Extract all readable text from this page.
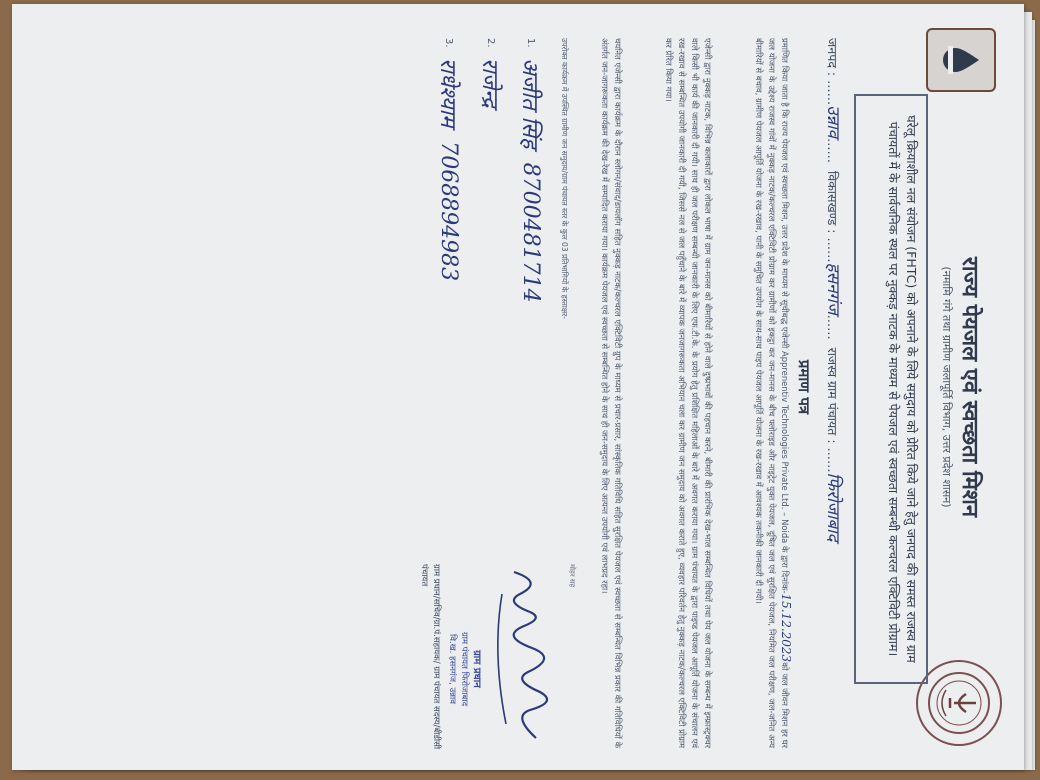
राज्य पेयजल एवं स्वच्छता मिशन
(नमामि गंगे तथा ग्रामीण जलापूर्ति विभाग, उत्तर प्रदेश शासन)
घरेलू क्रियाशील नल संयोजन (FHTC) को अपनाने के लिये समुदाय को प्रेरित किये जाने हेतु जनपद की समस्त राजस्व ग्राम पंचायतों में के सार्वजनिक स्थल पर नुक्कड़ नाटक के माध्यम से पेयजल एवं स्वच्छता सम्बन्धी कल्चरल एक्टिविटी प्रोग्राम।
जनपद : ……उन्नाव……  विकासखण्ड : ……हसनगंज……  राजस्व ग्राम पंचायत : ……फिरोजाबाद
प्रमाण पत्र
प्रमाणित किया जाता है कि राज्य पेयजल एवं स्वच्छता मिशन, उत्तर प्रदेश के माध्यम से सूचीबद्ध एजेन्सी Apprenentiv Technologies Private Ltd. – Noida के द्वारा दिनांक-15.12.2023को जल जीवन मिशन हर घर जल योजना के उद्देश्य राजस्व गांवों में नुक्कड़ नाटक/कल्चरल एक्टिविटी प्रोग्राम कर ग्रामीणों को इकट्ठा कर जन-मानस के बीच फ्लोराइड और नाइट्रेट युक्त पेयजल, दूषित जल एवं सुरक्षित पेयजल, नियमित जल परीक्षण, जल-जनित अन्य बीमारियों से बचाव, ग्रामीण पेयजल आपूर्ति योजना के रख-रखाव, पानी के समुचित उपयोग के साथ-साथ पाइप पेयजल आपूर्ति योजना के रख-रखाव में आवश्यक तकनीकी जानकारी दी गयी।
एजेन्सी द्वारा नुक्कड़ नाटक, विभिन्न कलाकारों द्वारा लोकल भाषा में ग्राम जन-मानस को बीमारियों से होने वाले दुष्प्रभावों की पहचान करने, बीमारी की प्रारंभिक देख-भाल सम्बन्धित विधियों तथा पेय जल योजना के सम्बन्ध में इम्फ्रास्ट्रक्चर वाले किसी भी कार्य की जानकारी दी गयी। साथ ही जल परीक्षण सम्बन्धी जानकारी के लिए एफ.टी.के. के प्रयोग हेतु प्रशिक्षित महिलाओं के बारे में अवगत कराया गया। ग्राम पंचायत के द्वारा पाइप्ड पेयजल आपूर्ति योजना के संचालन एवं रख-रखाव से सम्बन्धित उपयोगी जानकारी दी गयी, जिससे नल से जल पहुँचाने के बारे में व्यापक जनजागरूकता अभियान चला कर ग्रामीण जन समुदाय को अवगत कराते हुए, व्यवहार परिवर्तन हेतु नुक्कड़ नाटक/कल्चरल एक्टिविटी प्रोग्राम कर प्रेरित किया गया।
चयनित एजेन्सी द्वारा कार्यक्रम के दौरान स्लोगन/संवाद/डायलॉग सहित नुक्कड़ नाटक/कल्चरल एक्टिविटी ग्रुप के माध्यम से प्रचार-प्रसार, सांस्कृतिक गतिविधि सहित सुरक्षित पेयजल एवं स्वच्छता से सम्बन्धित विभिन्न प्रकार की गतिविधियों के अंतर्गत जन-जागरूकता कार्यक्रम की देख-रेख में सम्पादित कराया गया। कार्यक्रम पेयजल एवं स्वच्छता से सम्बन्धित होने के साथ ही जन-समुदाय के लिए अत्यन्त उपयोगी एवं लाभप्रद रहा।
उपरोक्त कार्यक्रम में उपस्थित ग्रामीण जन समुदाय/ग्राम पंचायत स्तर के कुल 03 प्रतिभागियों के हस्ताक्षर-
1.
अजीत सिंह
8700481714
2.
राजेन्द्र
3.
राधेश्याम
7068894983
मोहर सह
ग्राम प्रधान
ग्राम पंचायत फिरोजाबाद
वि.ख. हसनगंज, उन्नाव
ग्राम प्रधान/सचिव/ग्रा.पं.सहायक/ ग्राम पंचायत सदस्य/बीडीसी पंचायत
